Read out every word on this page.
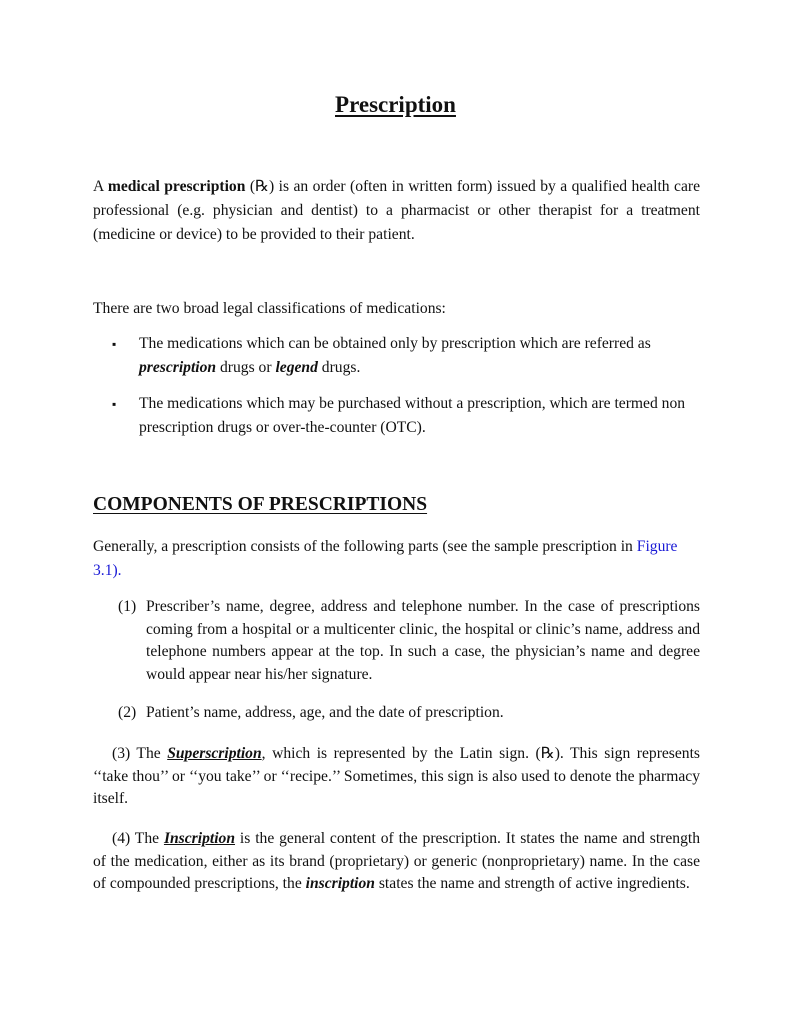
Prescription
A medical prescription (℞) is an order (often in written form) issued by a qualified health care professional (e.g. physician and dentist) to a pharmacist or other therapist for a treatment (medicine or device) to be provided to their patient.
There are two broad legal classifications of medications:
▪ The medications which can be obtained only by prescription which are referred as prescription drugs or legend drugs.
▪ The medications which may be purchased without a prescription, which are termed non prescription drugs or over-the-counter (OTC).
COMPONENTS OF PRESCRIPTIONS
Generally, a prescription consists of the following parts (see the sample prescription in Figure 3.1).
(1) Prescriber’s name, degree, address and telephone number. In the case of prescriptions coming from a hospital or a multicenter clinic, the hospital or clinic’s name, address and telephone numbers appear at the top. In such a case, the physician’s name and degree would appear near his/her signature.
(2) Patient’s name, address, age, and the date of prescription.
(3) The Superscription, which is represented by the Latin sign. (℞). This sign represents ‘‘take thou’’ or ‘‘you take’’ or ‘‘recipe.’’ Sometimes, this sign is also used to denote the pharmacy itself.
(4) The Inscription is the general content of the prescription. It states the name and strength of the medication, either as its brand (proprietary) or generic (nonproprietary) name. In the case of compounded prescriptions, the inscription states the name and strength of active ingredients.
